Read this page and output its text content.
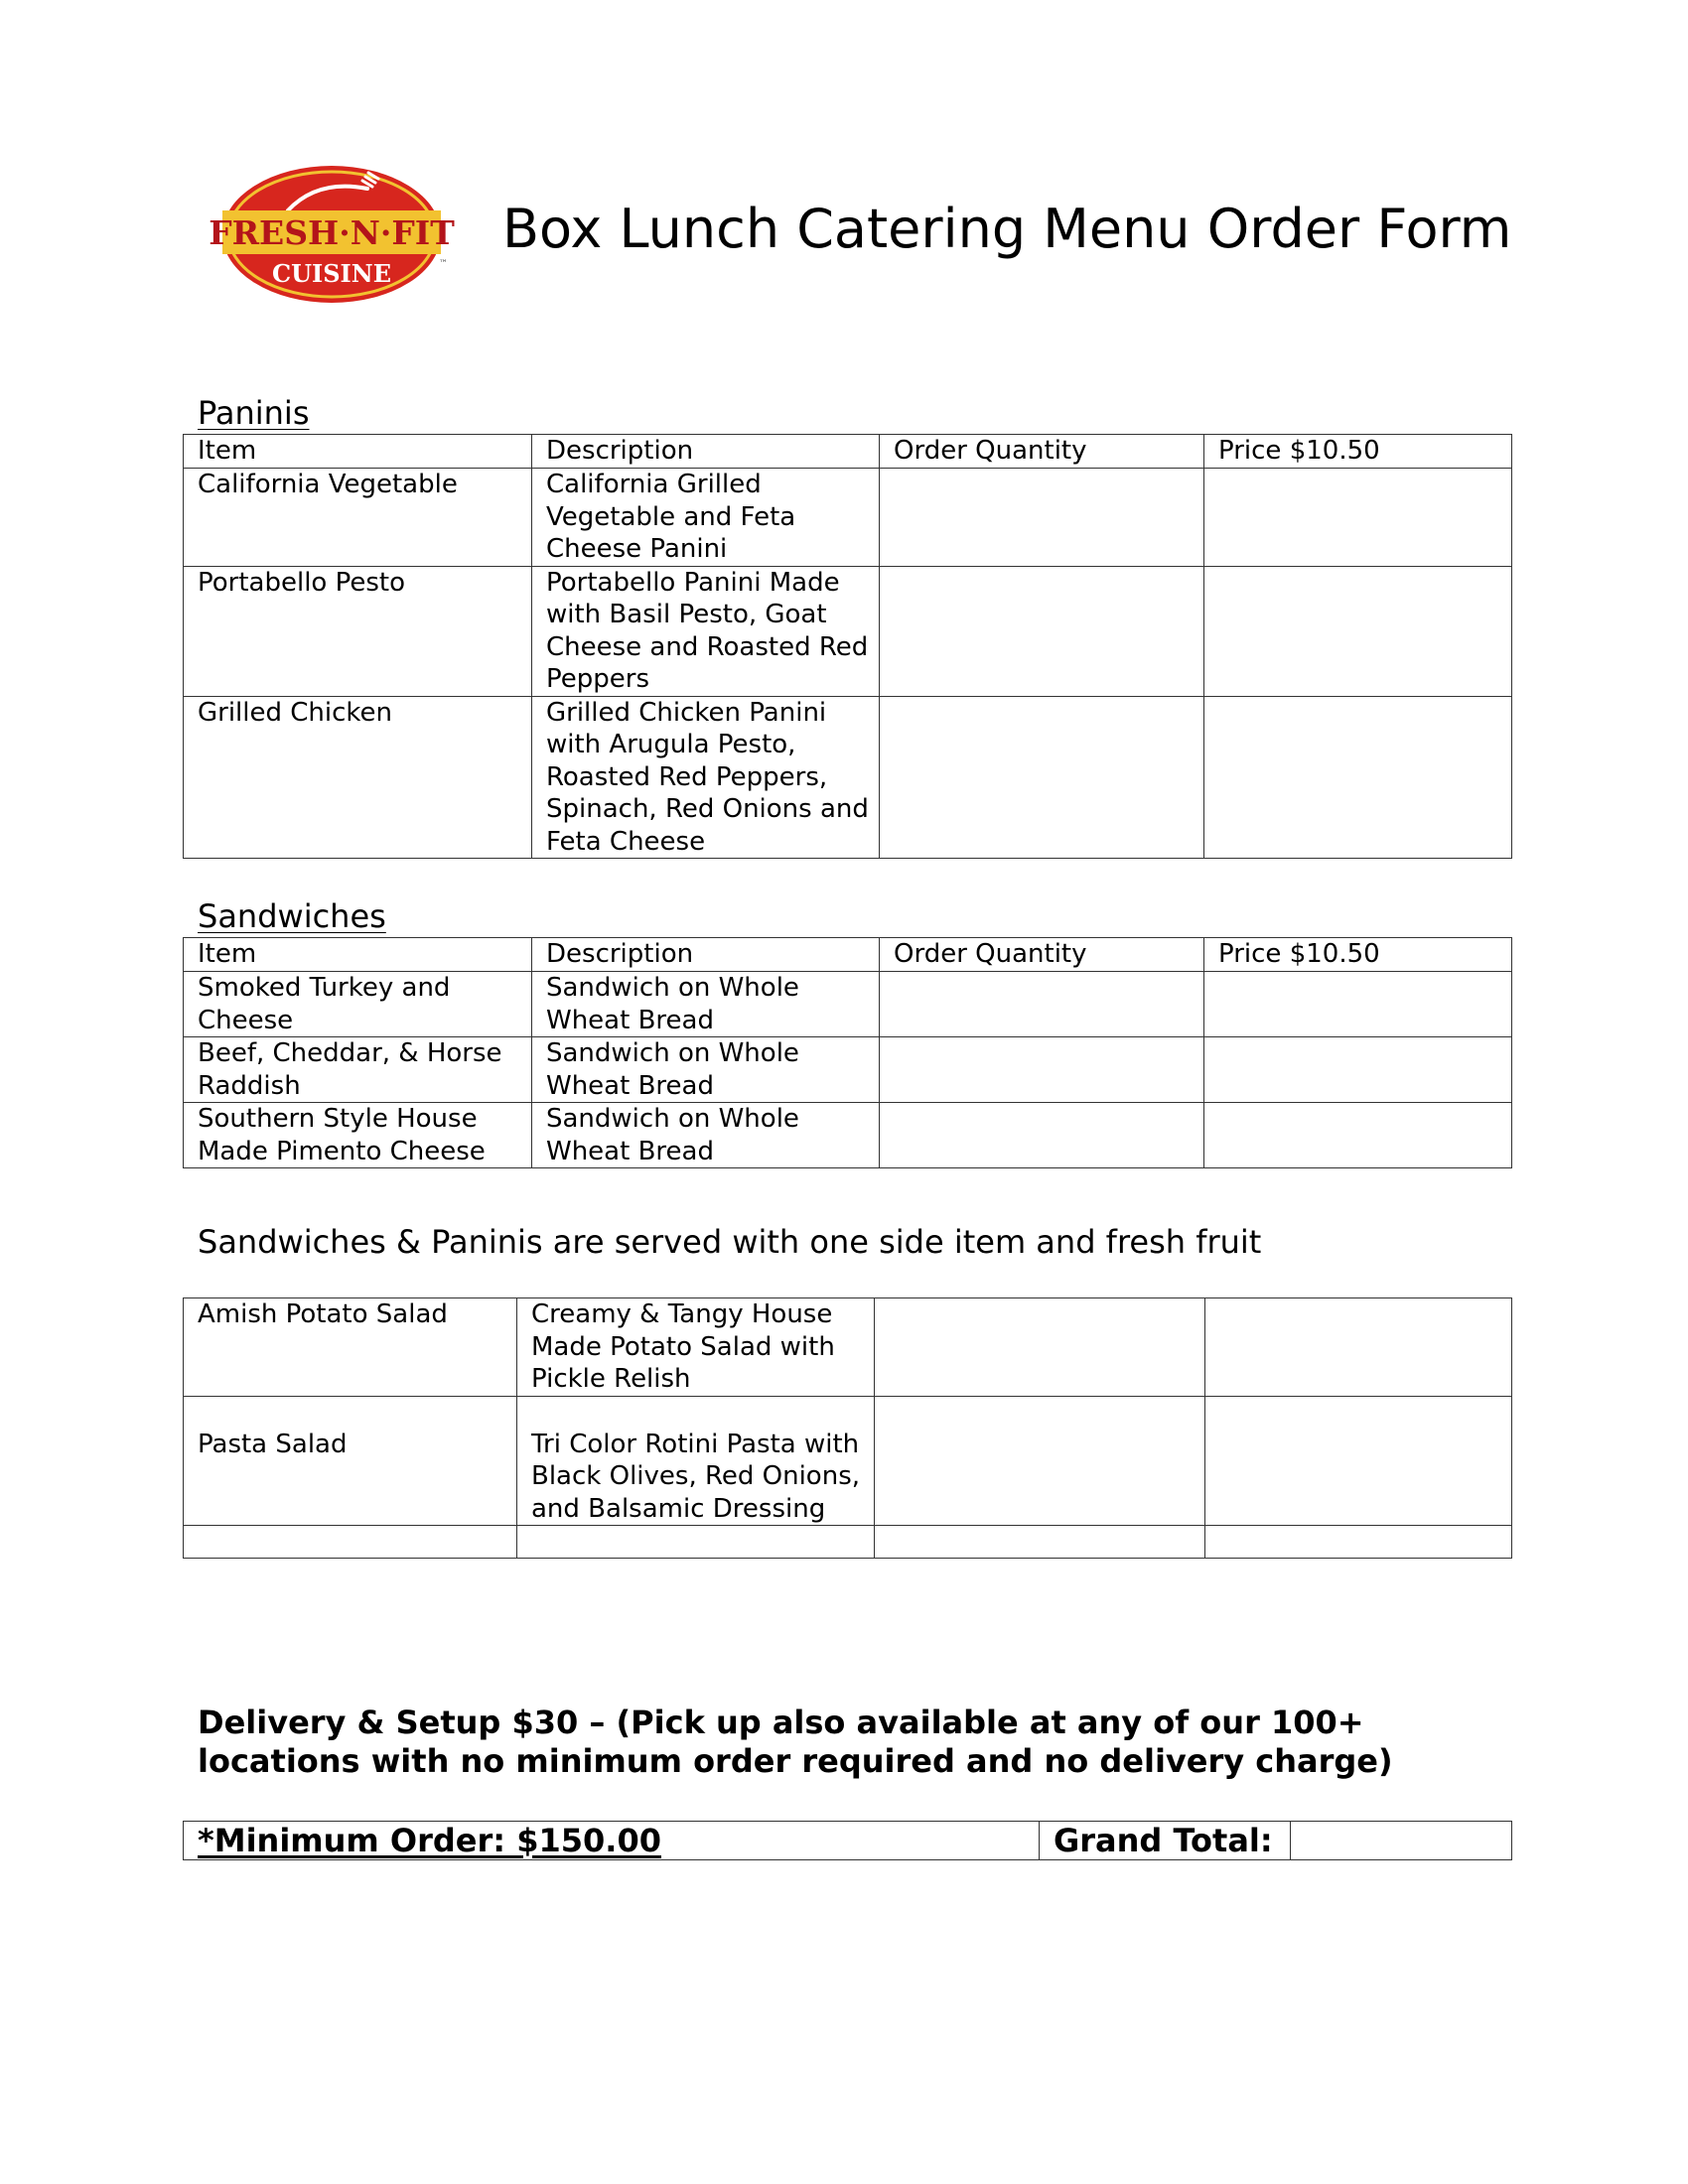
FRESH·N·FIT
CUISINE	™
Box Lunch Catering Menu Order Form
Paninis
Item	Description	Order Quantity	Price $10.50
California Vegetable	California Grilled Vegetable and Feta Cheese Panini		
Portabello Pesto	Portabello Panini Made with Basil Pesto, Goat Cheese and Roasted Red Peppers		
Grilled Chicken	Grilled Chicken Panini with Arugula Pesto, Roasted Red Peppers, Spinach, Red Onions and Feta Cheese		
Sandwiches
Item	Description	Order Quantity	Price $10.50
Smoked Turkey and Cheese	Sandwich on Whole Wheat Bread		
Beef, Cheddar, & Horse Raddish	Sandwich on Whole Wheat Bread		
Southern Style House Made Pimento Cheese	Sandwich on Whole Wheat Bread		
Sandwiches & Paninis are served with one side item and fresh fruit
Amish Potato Salad	Creamy & Tangy House Made Potato Salad with Pickle Relish		
Pasta Salad	Tri Color Rotini Pasta with Black Olives, Red Onions, and Balsamic Dressing		

Delivery & Setup $30 – (Pick up also available at any of our 100+ locations with no minimum order required and no delivery charge)
*Minimum Order: $150.00	Grand Total:	
